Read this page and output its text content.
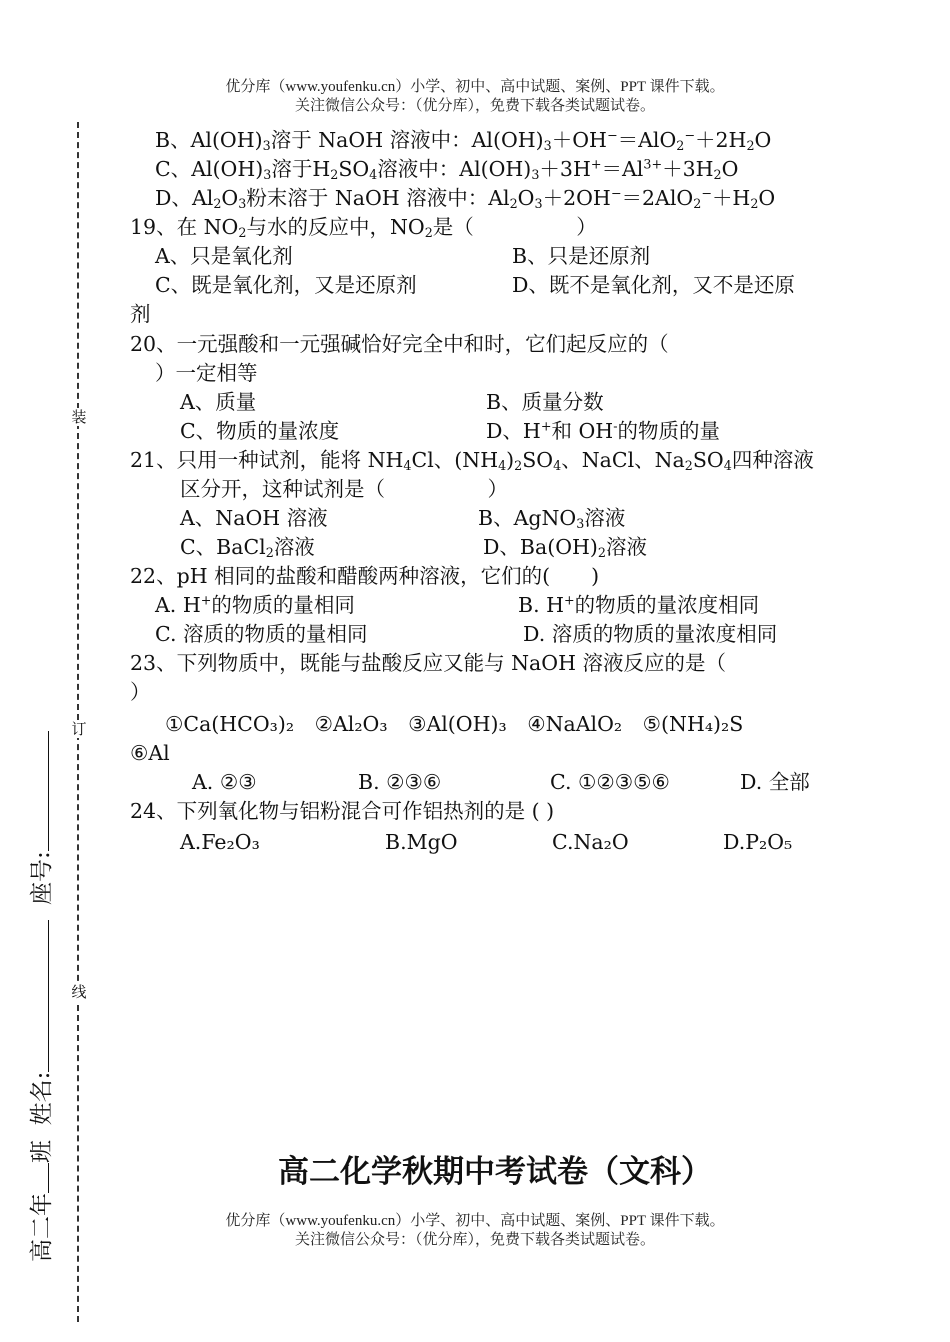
优分库（www.youfenku.cn）小学、初中、高中试题、案例、PPT 课件下载。
关注微信公众号：（优分库），免费下载各类试题试卷。
装
订
线
高二年班  姓名:  座号:
B、$Al(OH)_3$溶于 NaOH 溶液中：$Al(OH)_3+OH^-=AlO_2^-+2H_2O$
C、$Al(OH)_3$溶于$H_2SO_4$溶液中：$Al(OH)_3+3H^+=Al^{3+}+3H_2O$
D、$Al_2O_3$粉末溶于 NaOH 溶液中：$Al_2O_3+2OH^-=2AlO_2^-+H_2O$
19、在 $NO_2$与水的反应中，$NO_2$是（　　　　　）
A、只是氧化剂	B、只是还原剂
C、既是氧化剂，又是还原剂	D、既不是氧化剂，又不是还原
剂
20、一元强酸和一元强碱恰好完全中和时，它们起反应的（
）一定相等
A、质量	B、质量分数
C、物质的量浓度	D、H+和 OH-的物质的量
21、只用一种试剂，能将 $NH_4Cl$、$(NH_4)_2SO_4$、NaCl、$Na_2SO_4$四种溶液
区分开，这种试剂是（　　　　　）
A、NaOH 溶液	B、AgNO$_3$溶液
C、BaCl$_2$溶液	D、$Ba(OH)_2$溶液
22、pH 相同的盐酸和醋酸两种溶液，它们的(　　)
A. H+的物质的量相同	B. H+的物质的量浓度相同
C. 溶质的物质的量相同	D. 溶质的物质的量浓度相同
23、下列物质中，既能与盐酸反应又能与 NaOH 溶液反应的是（
）
①Ca(HCO₃)₂　②Al₂O₃　③Al(OH)₃　④NaAlO₂　⑤(NH₄)₂S
⑥Al
A. ②③	B. ②③⑥	C. ①②③⑤⑥	D. 全部
24、下列氧化物与铝粉混合可作铝热剂的是 ( )
A.Fe₂O₃	B.MgO	C.Na₂O	D.P₂O₅
高二化学秋期中考试卷（文科）
优分库（www.youfenku.cn）小学、初中、高中试题、案例、PPT 课件下载。
关注微信公众号：（优分库），免费下载各类试题试卷。
